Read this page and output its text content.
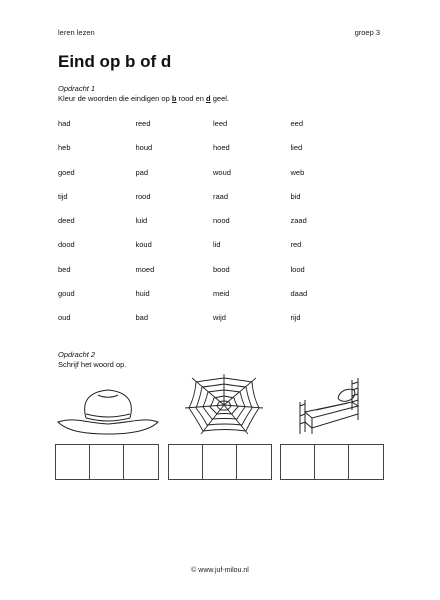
leren lezen	groep 3
Eind op b of d
Opdracht 1
Kleur de woorden die eindigen op b rood en d geel.
had	reed	leed	eed
heb	houd	hoed	lied
goed	pad	woud	web
tijd	rood	raad	bid
deed	luid	nood	zaad
dood	koud	lid	red
bed	moed	bood	lood
goud	huid	meid	daad
oud	bad	wijd	rijd
Opdracht 2
Schrijf het woord op.
© www.juf-milou.nl
